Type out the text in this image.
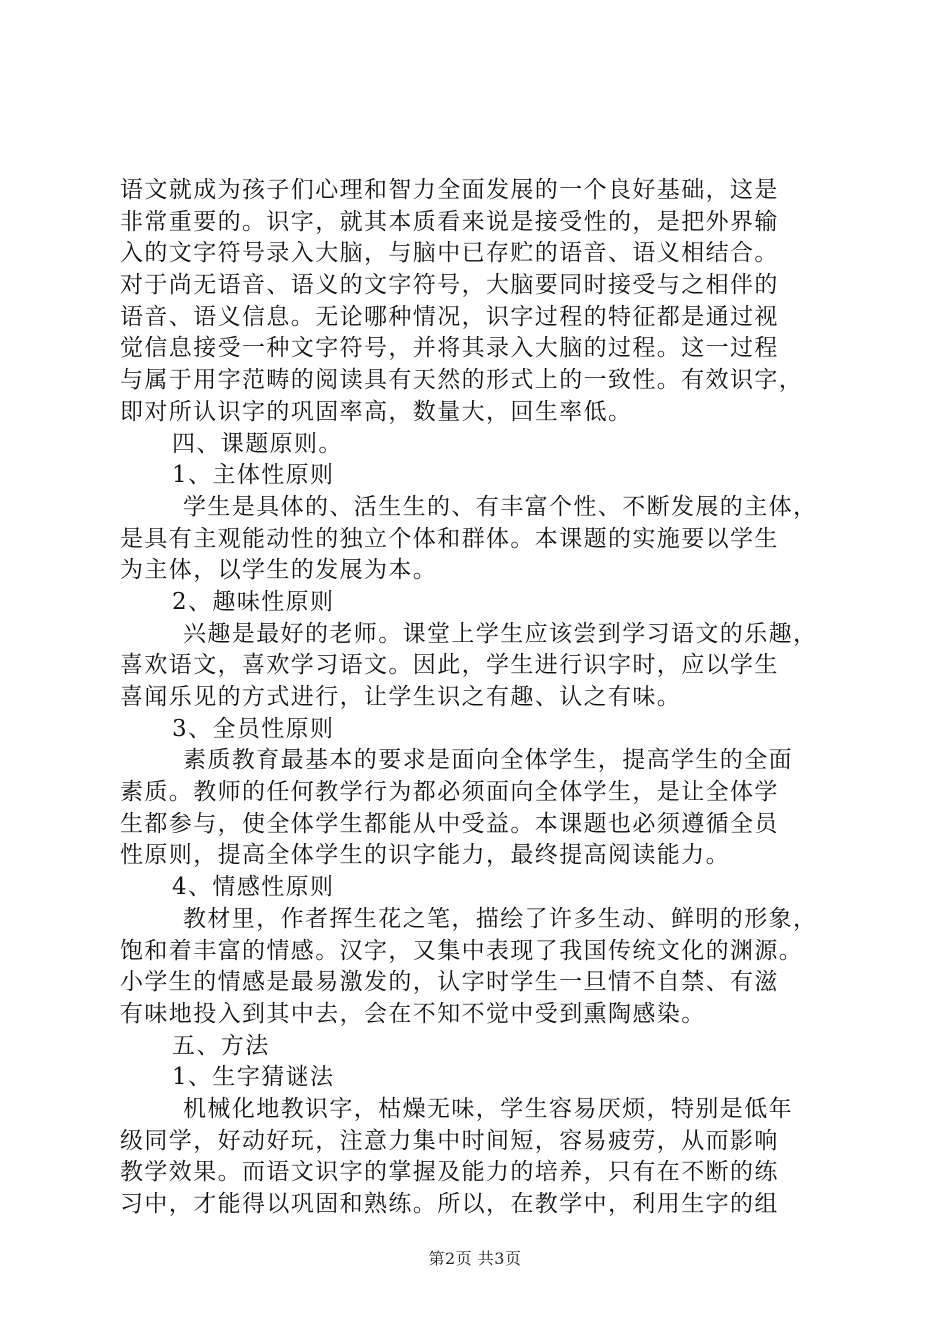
语文就成为孩子们心理和智力全面发展的一个良好基础，这是
非常重要的。识字，就其本质看来说是接受性的，是把外界输
入的文字符号录入大脑，与脑中已存贮的语音、语义相结合。
对于尚无语音、语义的文字符号，大脑要同时接受与之相伴的
语音、语义信息。无论哪种情况，识字过程的特征都是通过视
觉信息接受一种文字符号，并将其录入大脑的过程。这一过程
与属于用字范畴的阅读具有天然的形式上的一致性。有效识字，
即对所认识字的巩固率高，数量大，回生率低。
四、课题原则。
1、主体性原则
学生是具体的、活生生的、有丰富个性、不断发展的主体，
是具有主观能动性的独立个体和群体。本课题的实施要以学生
为主体，以学生的发展为本。
2、趣味性原则
兴趣是最好的老师。课堂上学生应该尝到学习语文的乐趣，
喜欢语文，喜欢学习语文。因此，学生进行识字时，应以学生
喜闻乐见的方式进行，让学生识之有趣、认之有味。
3、全员性原则
素质教育最基本的要求是面向全体学生，提高学生的全面
素质。教师的任何教学行为都必须面向全体学生，是让全体学
生都参与，使全体学生都能从中受益。本课题也必须遵循全员
性原则，提高全体学生的识字能力，最终提高阅读能力。
4、情感性原则
教材里，作者挥生花之笔，描绘了许多生动、鲜明的形象，
饱和着丰富的情感。汉字，又集中表现了我国传统文化的渊源。
小学生的情感是最易激发的，认字时学生一旦情不自禁、有滋
有味地投入到其中去，会在不知不觉中受到熏陶感染。
五、方法
1、生字猜谜法
机械化地教识字，枯燥无味，学生容易厌烦，特别是低年
级同学，好动好玩，注意力集中时间短，容易疲劳，从而影响
教学效果。而语文识字的掌握及能力的培养，只有在不断的练
习中，才能得以巩固和熟练。所以，在教学中，利用生字的组
第2页 共3页
